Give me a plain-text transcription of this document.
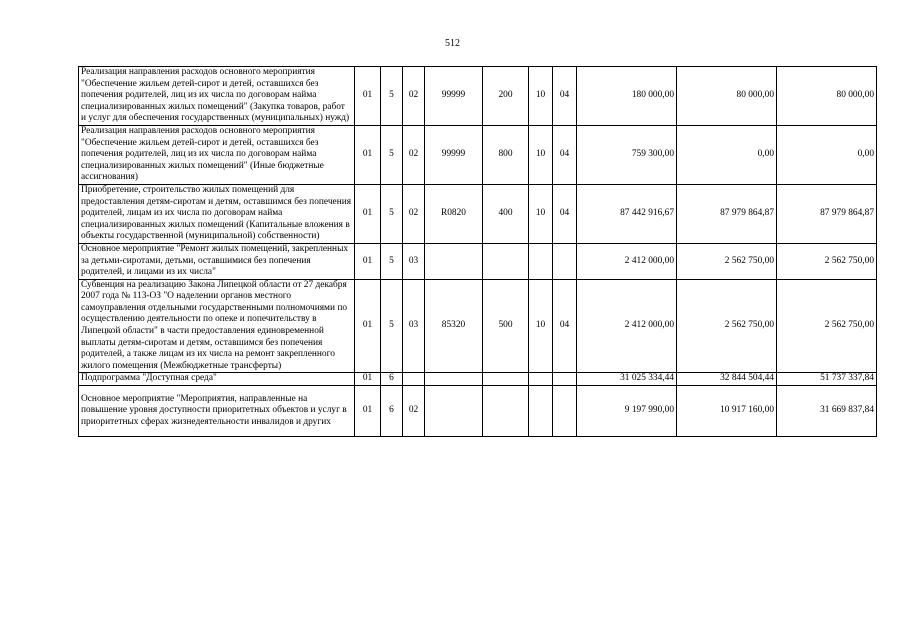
512
Реализация направления расходов основного мероприятия "Обеспечение жильем детей-сирот и детей, оставшихся без попечения родителей, лиц из их числа по договорам найма специализированных жилых помещений" (Закупка товаров, работ и услуг для обеспечения государственных (муниципальных) нужд)	01	5	02	99999	200	10	04	180 000,00	80 000,00	80 000,00
Реализация направления расходов основного мероприятия "Обеспечение жильем детей-сирот и детей, оставшихся без попечения родителей, лиц из их числа по договорам найма специализированных жилых помещений" (Иные бюджетные ассигнования)	01	5	02	99999	800	10	04	759 300,00	0,00	0,00
Приобретение, строительство жилых помещений для предоставления детям-сиротам и детям, оставшимся без попечения родителей, лицам из их числа по договорам найма специализированных жилых помещений (Капитальные вложения в объекты государственной (муниципальной) собственности)	01	5	02	R0820	400	10	04	87 442 916,67	87 979 864,87	87 979 864,87
Основное мероприятие "Ремонт жилых помещений, закрепленных за детьми-сиротами, детьми, оставшимися без попечения родителей, и лицами из их числа"	01	5	03					2 412 000,00	2 562 750,00	2 562 750,00
Субвенция на реализацию Закона Липецкой области от 27 декабря 2007 года № 113-ОЗ "О наделении органов местного самоуправления отдельными государственными полномочиями по осуществлению деятельности по опеке и попечительству в Липецкой области" в части предоставления единовременной выплаты детям-сиротам и детям, оставшимся без попечения родителей, а также лицам из их числа на ремонт закрепленного жилого помещения (Межбюджетные трансферты)	01	5	03	85320	500	10	04	2 412 000,00	2 562 750,00	2 562 750,00
Подпрограмма "Доступная среда"	01	6						31 025 334,44	32 844 504,44	51 737 337,84
Основное мероприятие "Мероприятия, направленные на повышение уровня доступности приоритетных объектов и услуг в приоритетных сферах жизнедеятельности инвалидов и других	01	6	02					9 197 990,00	10 917 160,00	31 669 837,84
